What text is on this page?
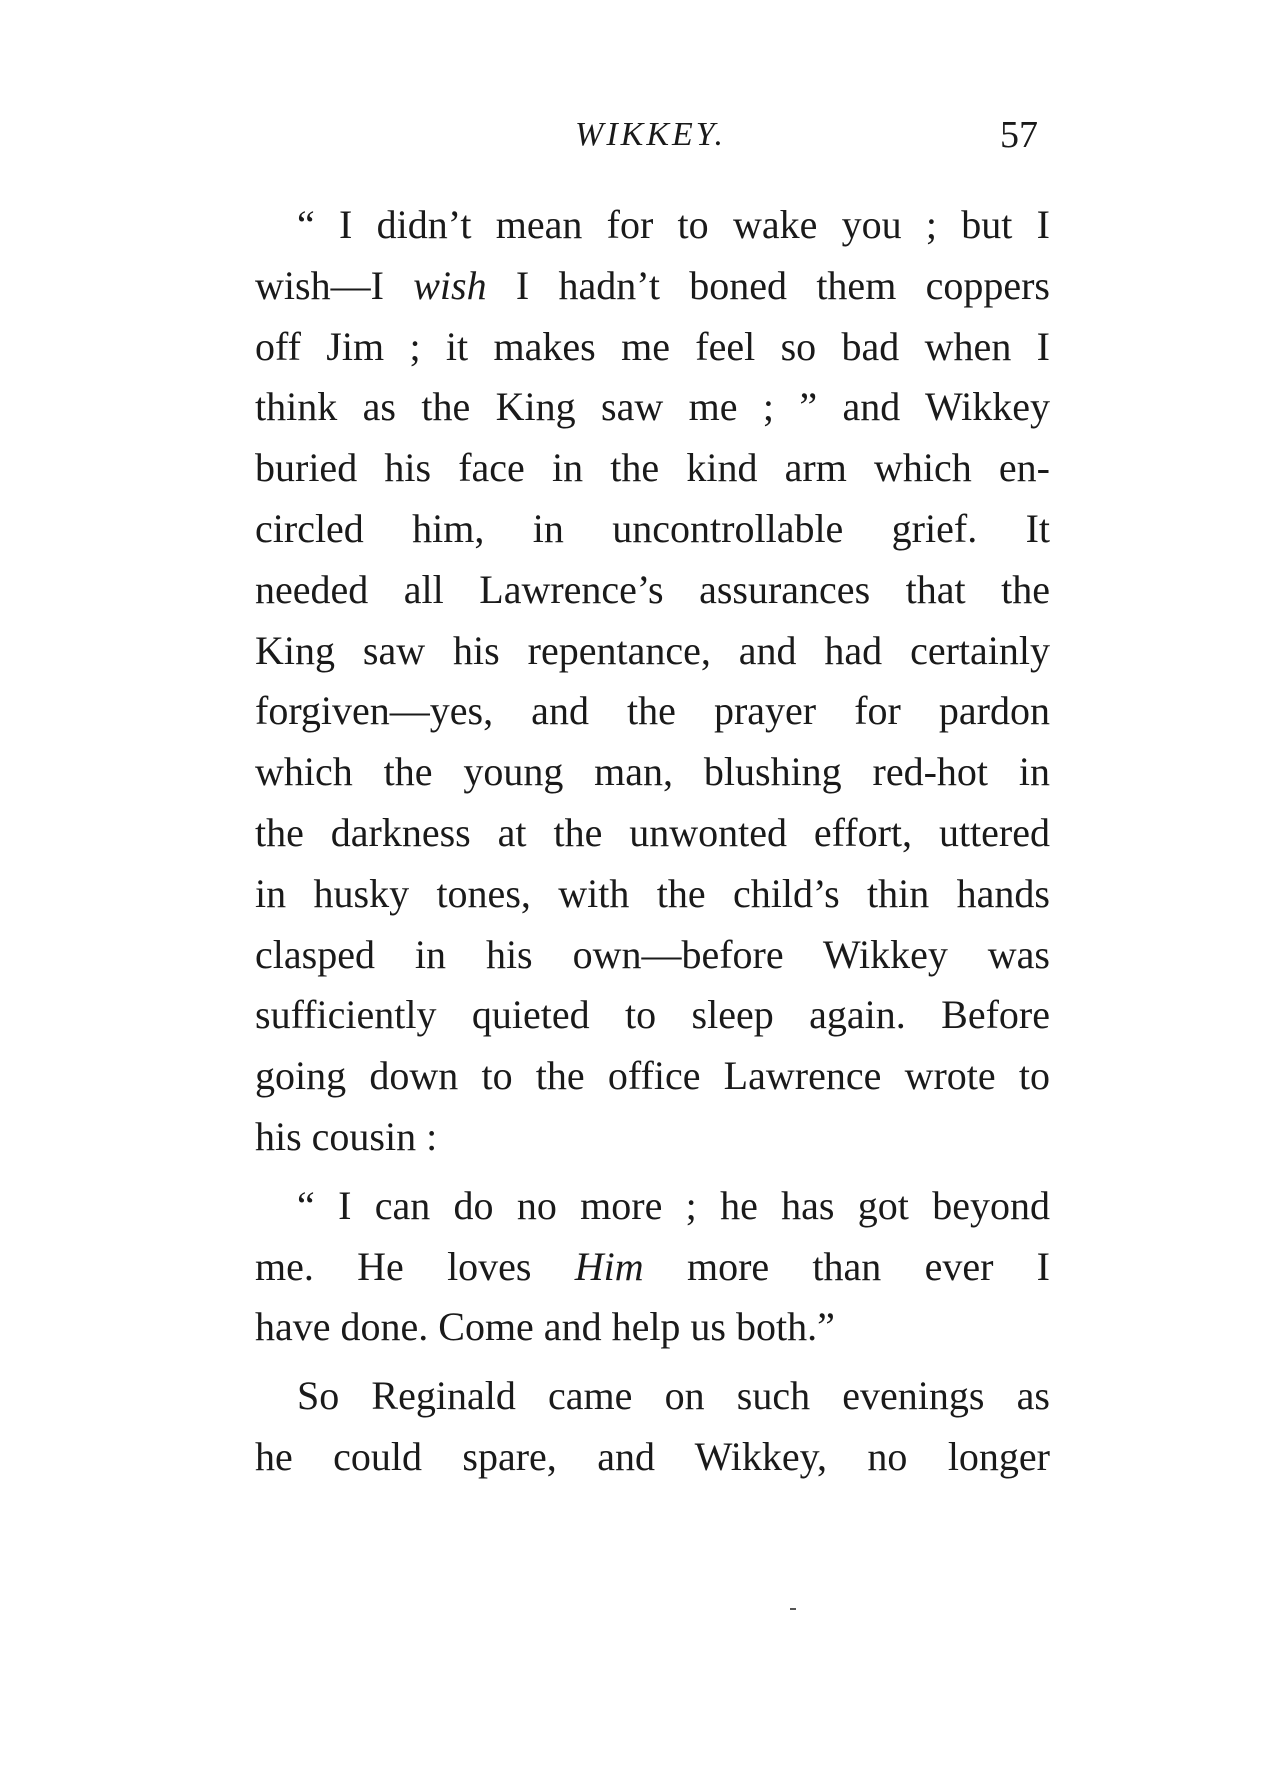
WIKKEY.	57
“ I didn’t mean for to wake you ; but I
wish—I wish I hadn’t boned them coppers
off Jim ; it makes me feel so bad when I
think as the King saw me ; ” and Wikkey
buried his face in the kind arm which en-
circled him, in uncontrollable grief. It
needed all Lawrence’s assurances that the
King saw his repentance, and had certainly
forgiven—yes, and the prayer for pardon
which the young man, blushing red-hot in
the darkness at the unwonted effort, uttered
in husky tones, with the child’s thin hands
clasped in his own—before Wikkey was
sufficiently quieted to sleep again. Before
going down to the office Lawrence wrote to
his cousin :
“ I can do no more ; he has got beyond
me. He loves Him more than ever I
have done. Come and help us both.”
So Reginald came on such evenings as
he could spare, and Wikkey, no longer
